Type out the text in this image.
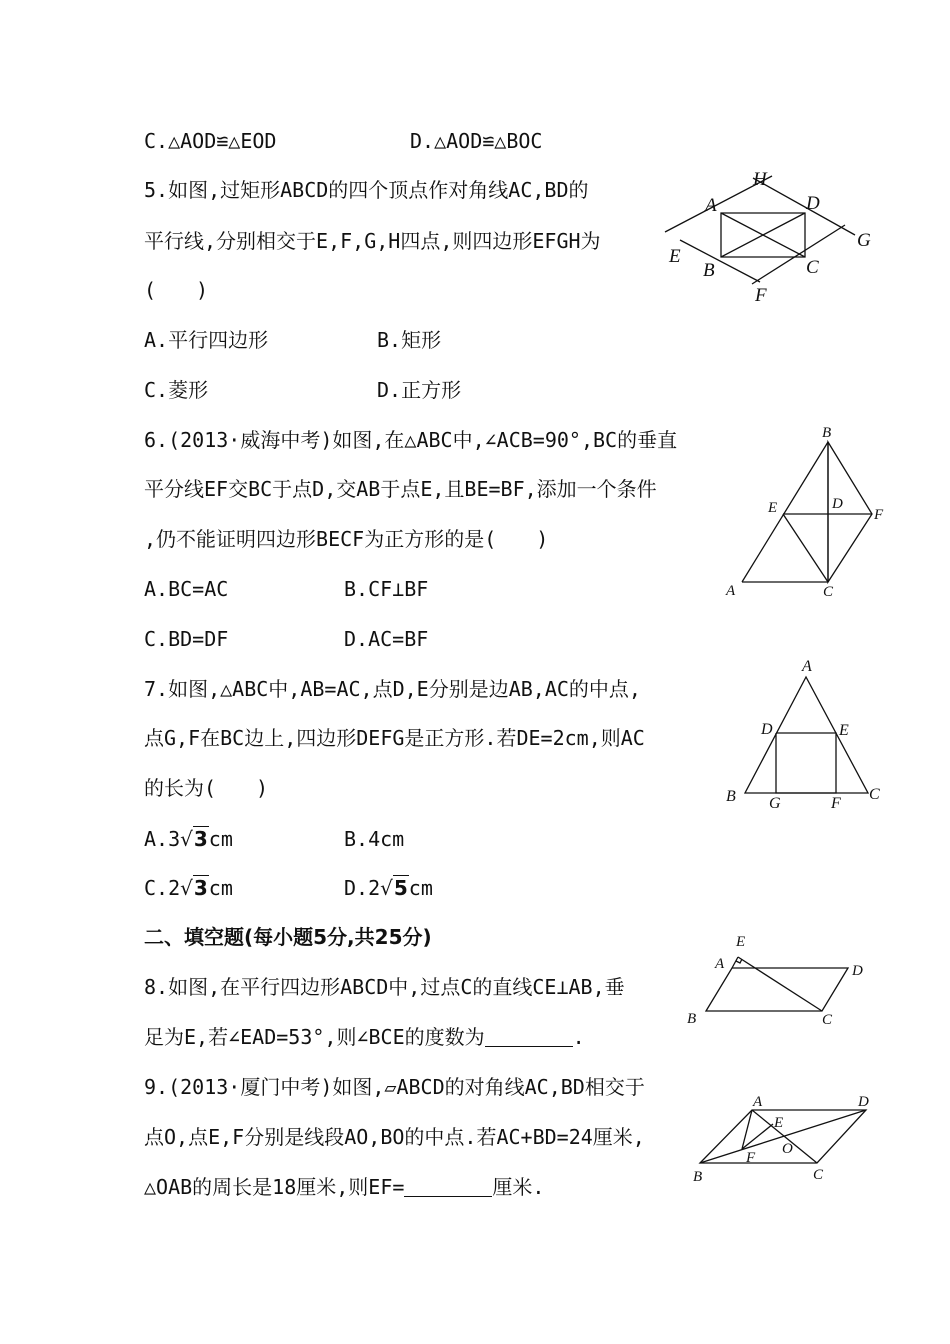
C.△AOD≌△EOD	D.△AOD≌△BOC
5.如图,过矩形ABCD的四个顶点作对角线AC,BD的
平行线,分别相交于E,F,G,H四点,则四边形EFGH为
(　　)
A.平行四边形	B.矩形
C.菱形	D.正方形
H
A	D
E
G
B	C
F
B
E	D
F
A	C
A
D	E
B G	F
C
E
A	D
B	C
A	D
E
O
F
B	C
6.(2013·威海中考)如图,在△ABC中,∠ACB=90°,BC的垂直
平分线EF交BC于点D,交AB于点E,且BE=BF,添加一个条件
,仍不能证明四边形BECF为正方形的是(　　)
A.BC=AC	B.CF⊥BF
C.BD=DF	D.AC=BF
7.如图,△ABC中,AB=AC,点D,E分别是边AB,AC的中点,
点G,F在BC边上,四边形DEFG是正方形.若DE=2cm,则AC
的长为(　　)
A.3√3cm	B.4cm
C.2√3cm	D.2√5cm
二、填空题(每小题5分,共25分)
8.如图,在平行四边形ABCD中,过点C的直线CE⊥AB,垂
足为E,若∠EAD=53°,则∠BCE的度数为	.
9.(2013·厦门中考)如图,▱ABCD的对角线AC,BD相交于
点O,点E,F分别是线段AO,BO的中点.若AC+BD=24厘米,
△OAB的周长是18厘米,则EF=	厘米.
